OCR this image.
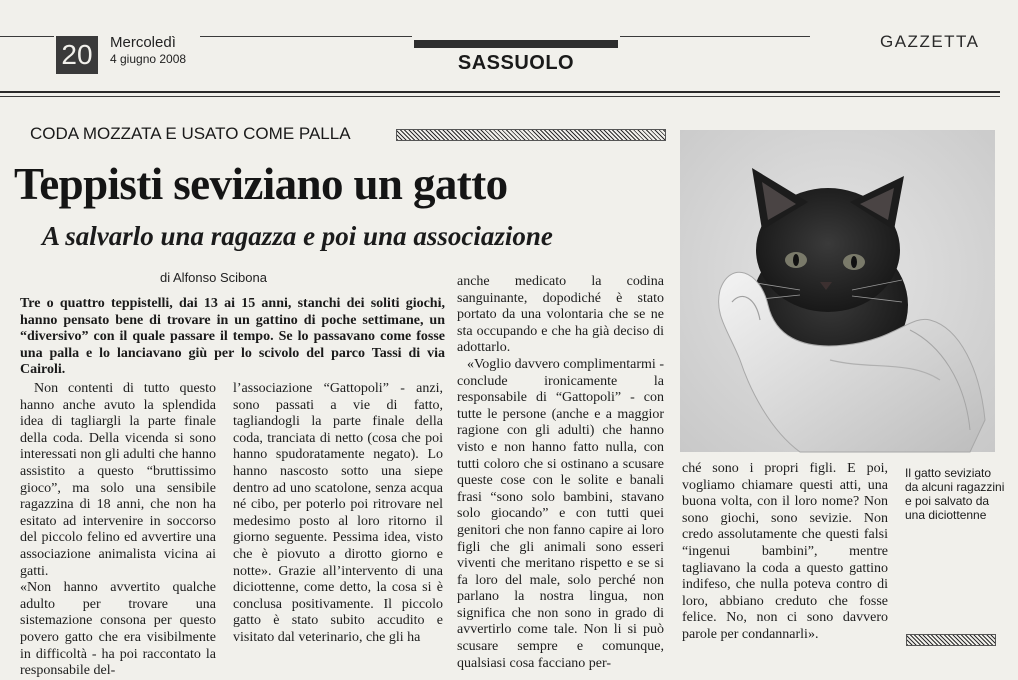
20	Mercoledì
4 giugno 2008	SASSUOLO
GAZZETTA
CODA MOZZATA E USATO COME PALLA
Teppisti seviziano un gatto
A salvarlo una ragazza e poi una associazione
di Alfonso Scibona
Tre o quattro teppistelli, dai 13 ai 15 anni, stanchi dei soliti giochi, hanno pensato bene di trovare in un gattino di poche settimane, un “diversivo” con il quale passare il tempo. Se lo passavano come fosse una palla e lo lanciavano giù per lo scivolo del parco Tassi di via Cairoli.

Non contenti di tutto questo hanno anche avuto la splendida idea di tagliargli la parte finale della coda. Della vicenda si sono interessati non gli adulti che hanno assistito a questo “bruttissimo gioco”, ma solo una sensibile ragazzina di 18 anni, che non ha esitato ad intervenire in soccorso del piccolo felino ed avvertire una associazione animalista vicina ai gatti.

«Non hanno avvertito qualche adulto per trovare una sistemazione consona per questo povero gatto che era visibilmente in difficoltà - ha poi raccontato la responsabile del-

l’associazione “Gattopoli” - anzi, sono passati a vie di fatto, tagliandogli la parte finale della coda, tranciata di netto (cosa che poi hanno spudoratamente negato). Lo hanno nascosto sotto una siepe dentro ad uno scatolone, senza acqua né cibo, per poterlo poi ritrovare nel medesimo posto al loro ritorno il giorno seguente. Pessima idea, visto che è piovuto a dirotto giorno e notte». Grazie all’intervento di una diciottenne, come detto, la cosa si è conclusa positivamente. Il piccolo gatto è stato subito accudito e visitato dal veterinario, che gli ha

anche medicato la codina sanguinante, dopodiché è stato portato da una volontaria che se ne sta occupando e che ha già deciso di adottarlo.

«Voglio davvero complimentarmi - conclude ironicamente la responsabile di “Gattopoli” - con tutte le persone (anche e a maggior ragione con gli adulti) che hanno visto e non hanno fatto nulla, con tutti coloro che si ostinano a scusare queste cose con le solite e banali frasi “sono solo bambini, stavano solo giocando” e con tutti quei genitori che non fanno capire ai loro figli che gli animali sono esseri viventi che meritano rispetto e se si fa loro del male, solo perché non parlano la nostra lingua, non significa che non sono in grado di avvertirlo come tale. Non li si può scusare sempre e comunque, qualsiasi cosa facciano per-

ché sono i propri figli. E poi, vogliamo chiamare questi atti, una buona volta, con il loro nome? Non sono giochi, sono sevizie. Non credo assolutamente che questi falsi “ingenui bambini”, mentre tagliavano la coda a questo gattino indifeso, che nulla poteva contro di loro, abbiano creduto che fosse felice. No, non ci sono davvero parole per condannarli».

Il gatto seviziato da alcuni ragazzini e poi salvato da una diciottenne
